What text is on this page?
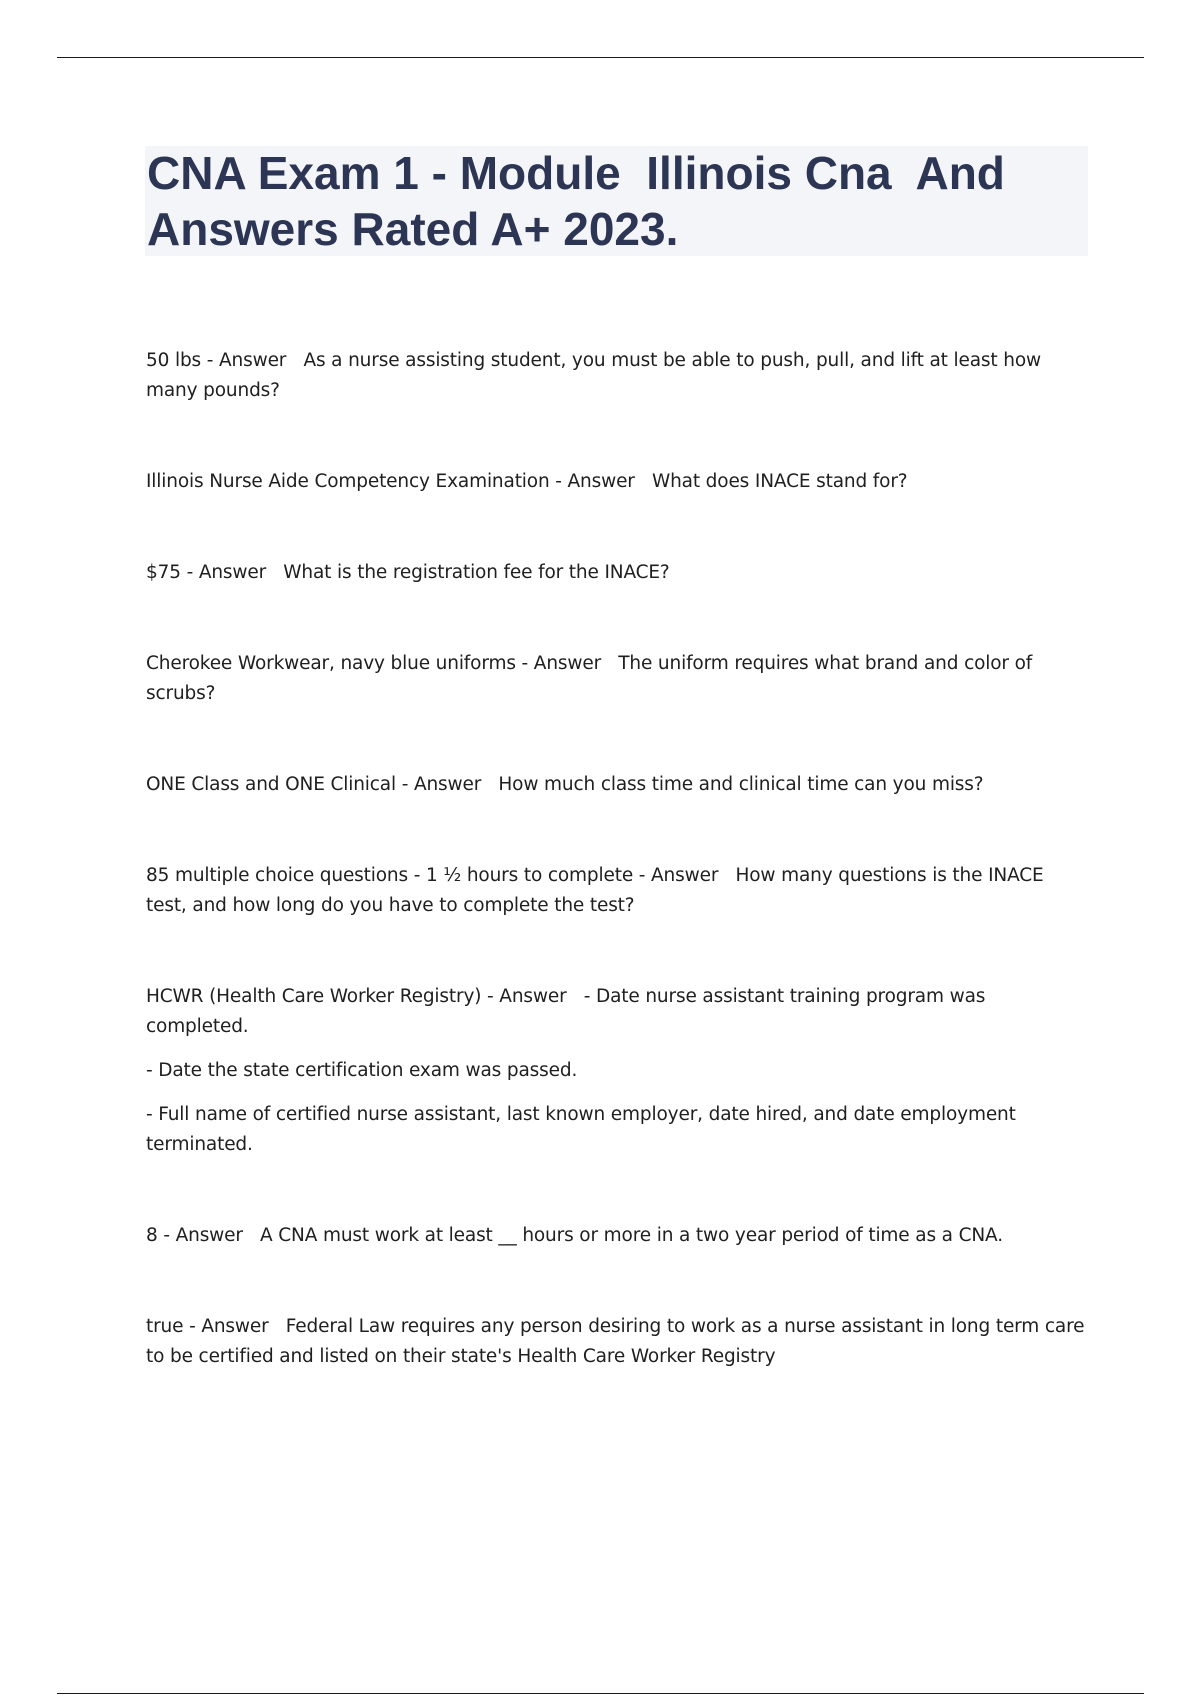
CNA Exam 1 - Module  Illinois Cna  And Answers Rated A+ 2023.

50 lbs - Answer   As a nurse assisting student, you must be able to push, pull, and lift at least how many pounds?

Illinois Nurse Aide Competency Examination - Answer   What does INACE stand for?

$75 - Answer   What is the registration fee for the INACE?

Cherokee Workwear, navy blue uniforms - Answer   The uniform requires what brand and color of scrubs?

ONE Class and ONE Clinical - Answer   How much class time and clinical time can you miss?

85 multiple choice questions - 1 ½ hours to complete - Answer   How many questions is the INACE test, and how long do you have to complete the test?

HCWR (Health Care Worker Registry) - Answer   - Date nurse assistant training program was completed.

- Date the state certification exam was passed.

- Full name of certified nurse assistant, last known employer, date hired, and date employment terminated.

8 - Answer   A CNA must work at least __ hours or more in a two year period of time as a CNA.

true - Answer   Federal Law requires any person desiring to work as a nurse assistant in long term care to be certified and listed on their state's Health Care Worker Registry
